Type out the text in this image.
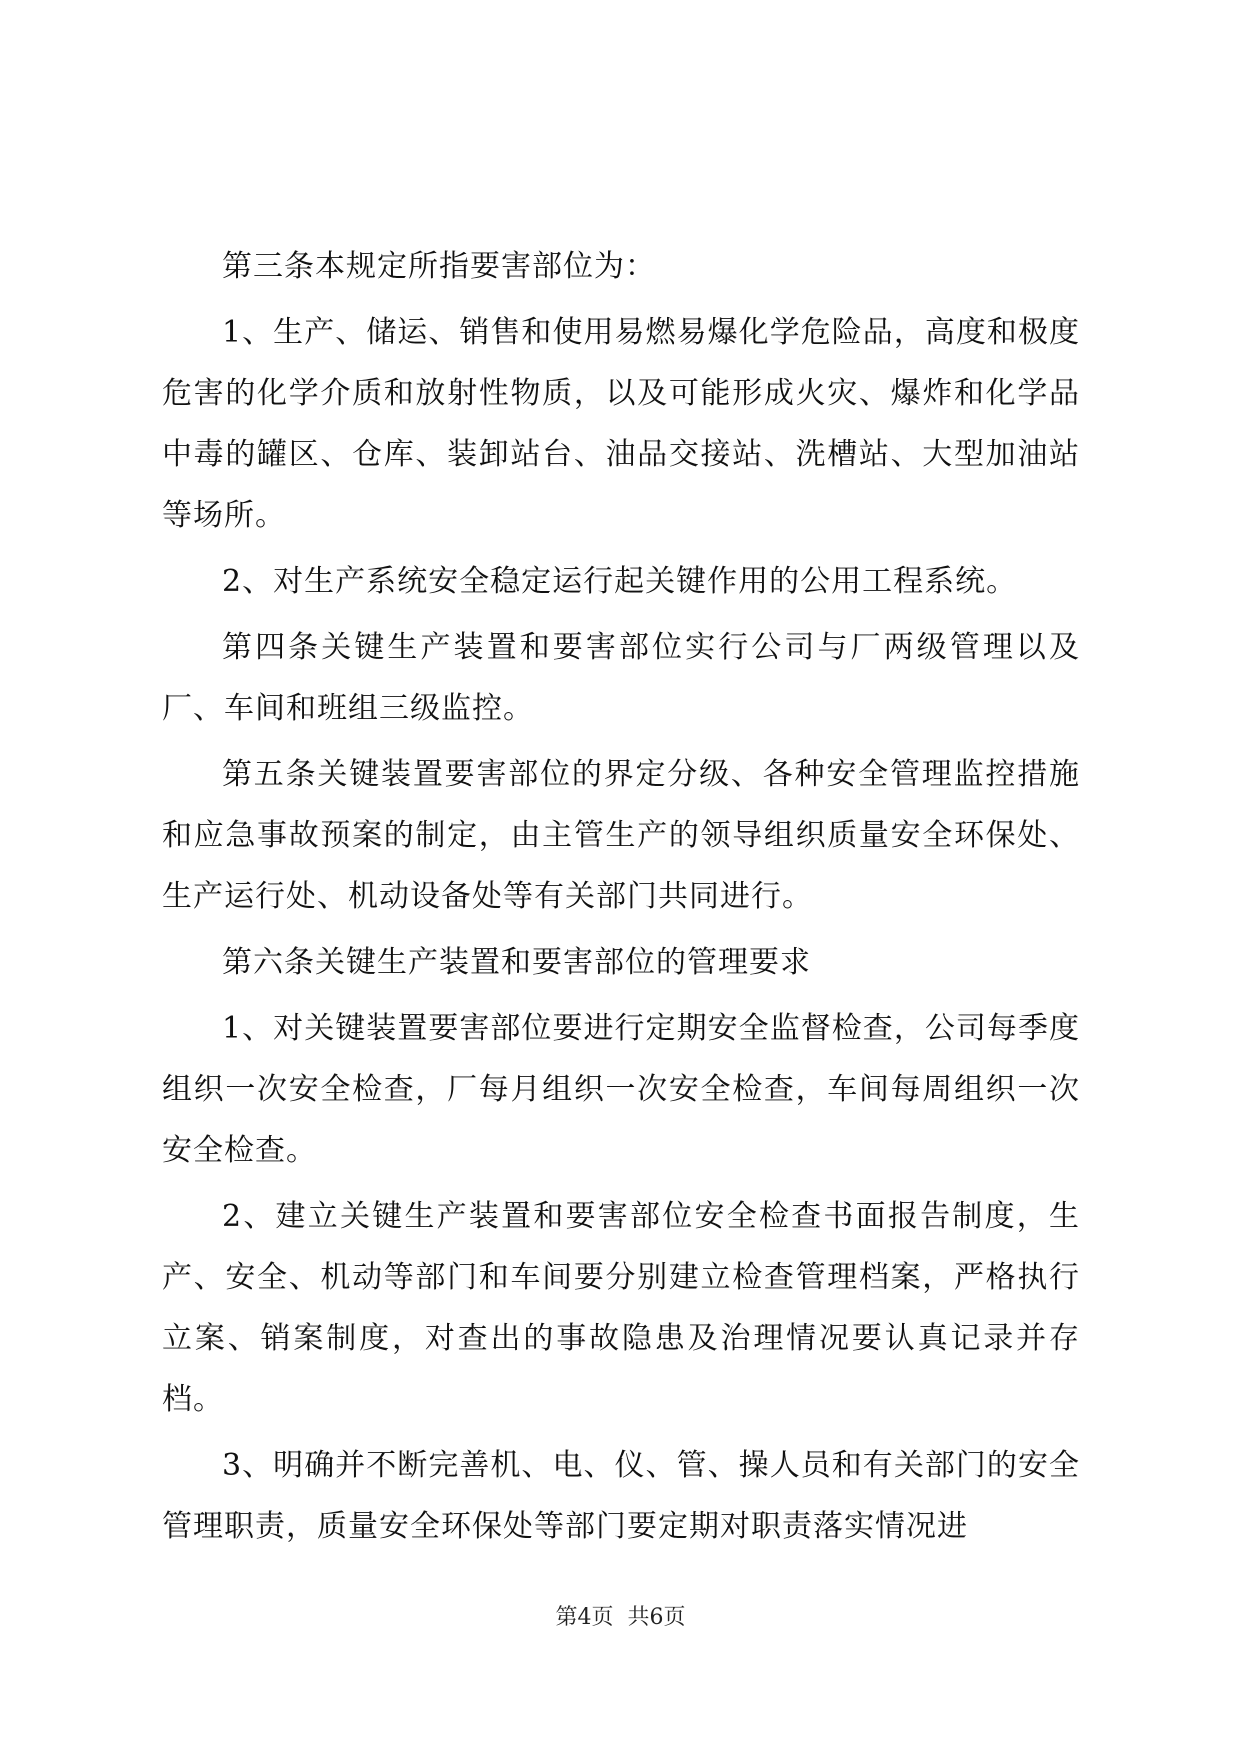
第三条本规定所指要害部位为：

1、生产、储运、销售和使用易燃易爆化学危险品，高度和极度危害的化学介质和放射性物质，以及可能形成火灾、爆炸和化学品中毒的罐区、仓库、装卸站台、油品交接站、洗槽站、大型加油站等场所。

2、对生产系统安全稳定运行起关键作用的公用工程系统。

第四条关键生产装置和要害部位实行公司与厂两级管理以及厂、车间和班组三级监控。

第五条关键装置要害部位的界定分级、各种安全管理监控措施和应急事故预案的制定，由主管生产的领导组织质量安全环保处、生产运行处、机动设备处等有关部门共同进行。

第六条关键生产装置和要害部位的管理要求

1、对关键装置要害部位要进行定期安全监督检查，公司每季度组织一次安全检查，厂每月组织一次安全检查，车间每周组织一次安全检查。

2、建立关键生产装置和要害部位安全检查书面报告制度，生产、安全、机动等部门和车间要分别建立检查管理档案，严格执行立案、销案制度，对查出的事故隐患及治理情况要认真记录并存档。

3、明确并不断完善机、电、仪、管、操人员和有关部门的安全管理职责，质量安全环保处等部门要定期对职责落实情况进

第4页  共6页
